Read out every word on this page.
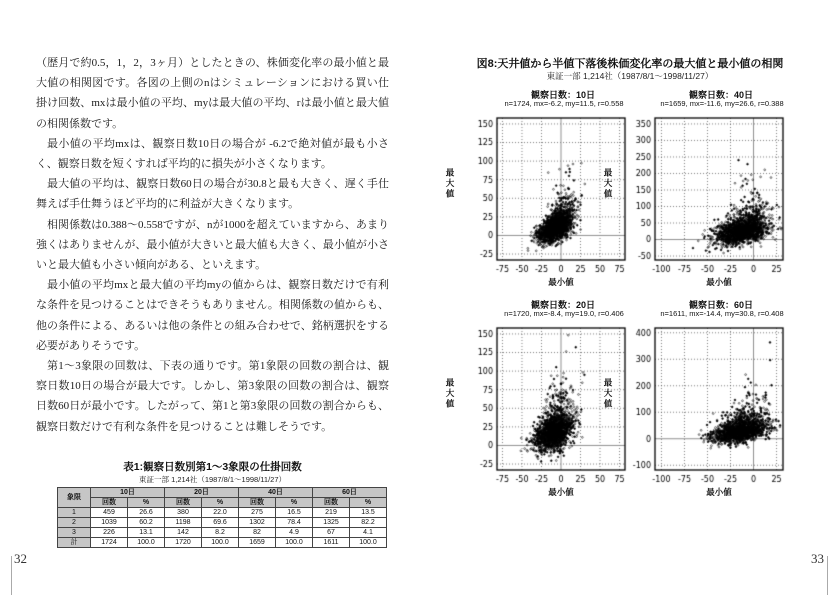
（歴月で約0.5，1，2，3ヶ月）としたときの、株価変化率の最小値と最大値の相関図です。各図の上側のnはシミュレーションにおける買い仕掛け回数、mxは最小値の平均、myは最大値の平均、rは最小値と最大値の相関係数です。

最小値の平均mxは、観察日数10日の場合が -6.2で絶対値が最も小さく、観察日数を短くすれば平均的に損失が小さくなります。

最大値の平均は、観察日数60日の場合が30.8と最も大きく、遅く手仕舞えば手仕舞うほど平均的に利益が大きくなります。

相関係数は0.388～0.558ですが、nが1000を超えていますから、あまり強くはありませんが、最小値が大きいと最大値も大きく、最小値が小さいと最大値も小さい傾向がある、といえます。

最小値の平均mxと最大値の平均myの値からは、観察日数だけで有利な条件を見つけることはできそうもありません。相関係数の値からも、他の条件による、あるいは他の条件との組み合わせで、銘柄選択をする必要がありそうです。

第1～3象限の回数は、下表の通りです。第1象限の回数の割合は、観察日数10日の場合が最大です。しかし、第3象限の回数の割合は、観察日数60日が最小です。したがって、第1と第3象限の回数の割合からも、観察日数だけで有利な条件を見つけることは難しそうです。

表1:観察日数別第1～3象限の仕掛回数
東証一部 1,214社（1987/8/1～1998/11/27）
象限	10日		20日		40日		60日	
	回数	%	回数	%	回数	%	回数	%
1	459	26.6	380	22.0	275	16.5	219	13.5
2	1039	60.2	1198	69.6	1302	78.4	1325	82.2
3	226	13.1	142	8.2	82	4.9	67	4.1
計	1724	100.0	1720	100.0	1659	100.0	1611	100.0
32
図8:天井値から半値下落後株価変化率の最大値と最小値の相関
東証一部 1,214社（1987/8/1～1998/11/27）
観察日数：10日
n=1724, mx=-6.2, my=11.5, r=0.558
最小値
最大値
観察日数：40日
n=1659, mx=-11.6, my=26.6, r=0.388
最小値
最大値
観察日数：20日
n=1720, mx=-8.4, my=19.0, r=0.406
最小値
最大値
観察日数：60日
n=1611, mx=-14.4, my=30.8, r=0.408
最小値
最大値
33
